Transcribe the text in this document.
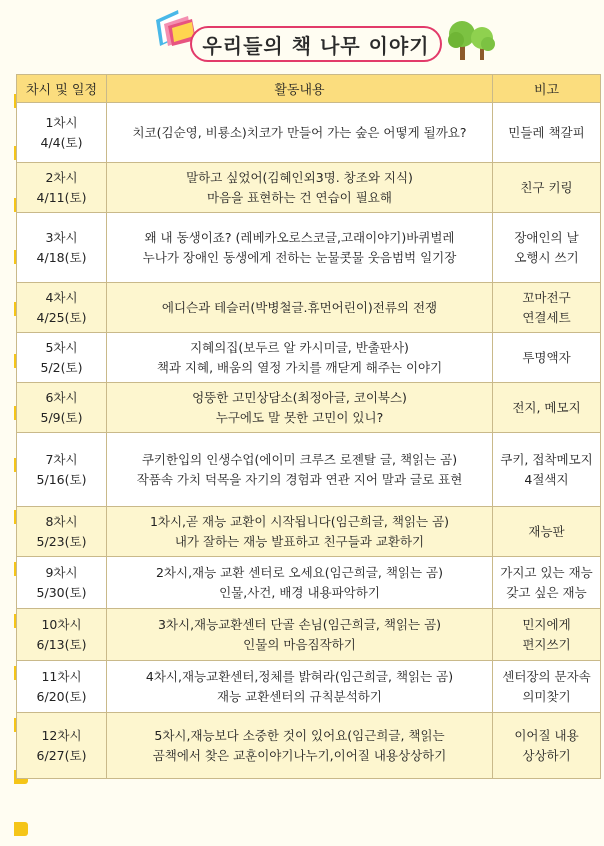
우리들의 책 나무 이야기
차시 및 일정	활동내용	비고

1차시
4/4(토)	치코(김순영, 비룡소)치코가 만들어 가는 숲은 어떻게 될까요?	민들레 책갈피

2차시
4/11(토)	말하고 싶었어(김혜인외3명. 창조와 지식)
마음을 표현하는 건 연습이 필요해	친구 키링

3차시
4/18(토)	왜 내 동생이죠? (레베카오로스코글,고래이야기)바퀴벌레
누나가 장애인 동생에게 전하는 눈물콧물 웃음범벅 일기장	장애인의 날
오행시 쓰기

4차시
4/25(토)	에디슨과 테슬러(박병철글.휴먼어린이)전류의 전쟁	꼬마전구
연결세트

5차시
5/2(토)	지혜의집(보두르 알 카시미글, 반출판사)
책과 지혜, 배움의 열정 가치를 깨닫게 해주는 이야기	투명액자

6차시
5/9(토)	엉뚱한 고민상담소(최정아글, 코이북스)
누구에도 말 못한 고민이 있니?	전지, 메모지

7차시
5/16(토)	쿠키한입의 인생수업(에이미 크루즈 로젠탈 글, 책읽는 곰)
작품속 가치 덕목을 자기의 경험과 연관 지어 말과 글로 표현	쿠키, 접착메모지
4절색지

8차시
5/23(토)	1차시,곧 재능 교환이 시작됩니다(임근희글, 책읽는 곰)
내가 잘하는 재능 발표하고 친구들과 교환하기	재능판

9차시
5/30(토)	2차시,재능 교환 센터로 오세요(임근희글, 책읽는 곰)
인물,사건, 배경 내용파악하기	가지고 있는 재능
갖고 싶은 재능

10차시
6/13(토)	3차시,재능교환센터 단골 손님(임근희글, 책읽는 곰)
인물의 마음짐작하기	민지에게
편지쓰기

11차시
6/20(토)	4차시,재능교환센터,정체를 밝혀라(임근희글, 책읽는 곰)
재능 교환센터의 규칙분석하기	센터장의 문자속
의미찾기

12차시
6/27(토)	5차시,재능보다 소중한 것이 있어요(임근희글, 책읽는
곰책에서 찾은 교훈이야기나누기,이어질 내용상상하기	이어질 내용
상상하기
